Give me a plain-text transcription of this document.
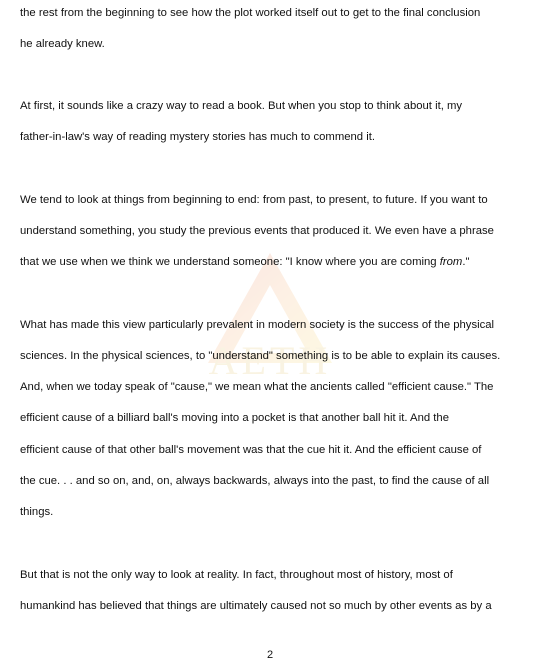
AETH
the rest from the beginning to see how the plot worked itself out to get to the final conclusion
he already knew.
At first, it sounds like a crazy way to read a book. But when you stop to think about it, my
father-in-law's way of reading mystery stories has much to commend it.
We tend to look at things from beginning to end: from past, to present, to future. If you want to
understand something, you study the previous events that produced it. We even have a phrase
that we use when we think we understand someone: "I know where you are coming from."
What has made this view particularly prevalent in modern society is the success of the physical
sciences. In the physical sciences, to "understand" something is to be able to explain its causes.
And, when we today speak of "cause," we mean what the ancients called "efficient cause." The
efficient cause of a billiard ball's moving into a pocket is that another ball hit it. And the
efficient cause of that other ball's movement was that the cue hit it. And the efficient cause of
the cue. . . and so on, and, on, always backwards, always into the past, to find the cause of all
things.
But that is not the only way to look at reality. In fact, throughout most of history, most of
humankind has believed that things are ultimately caused not so much by other events as by a
2
